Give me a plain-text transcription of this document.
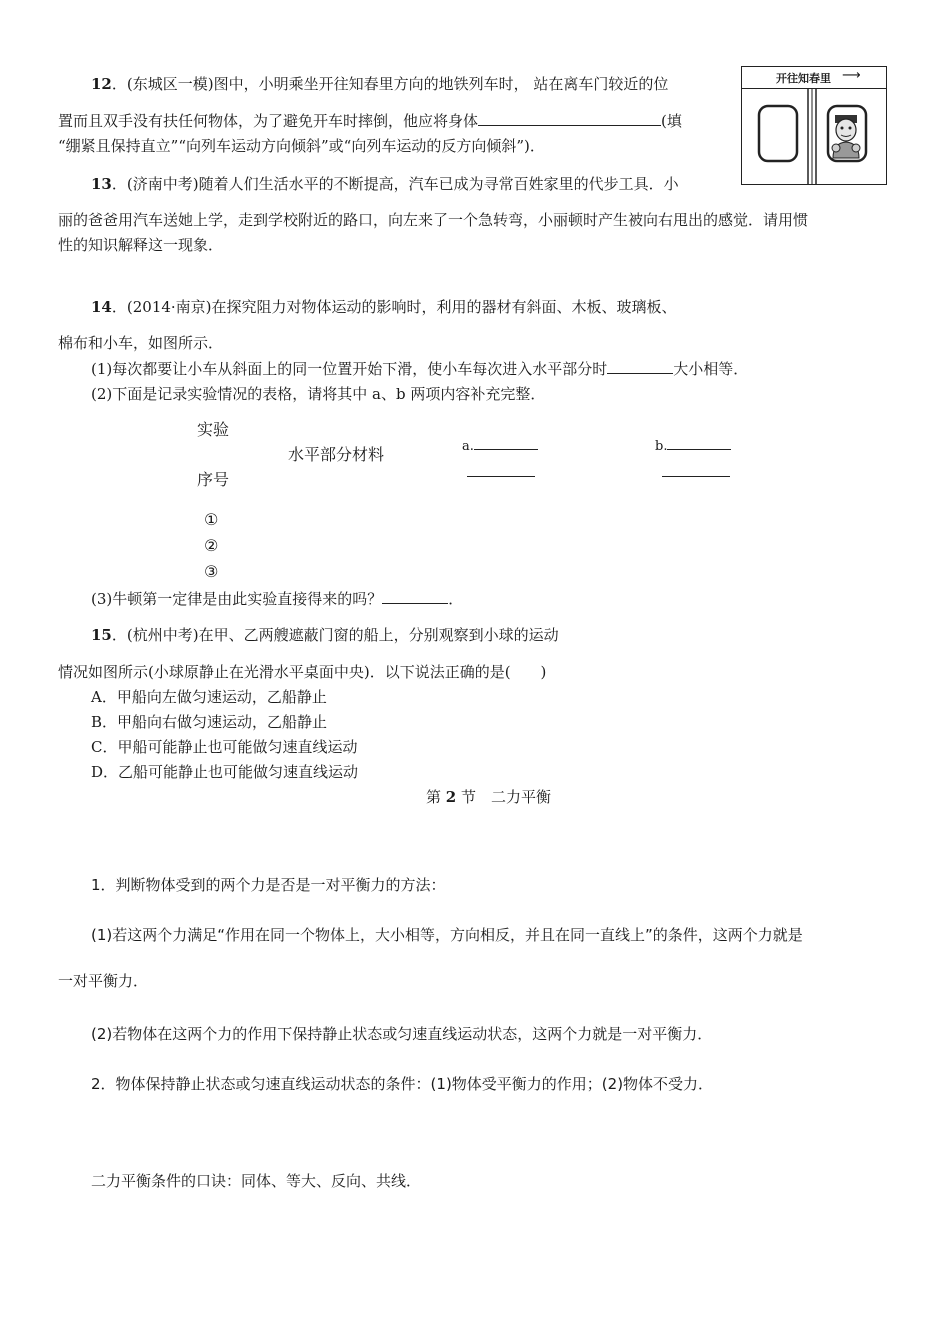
12．(东城区一模)图中，小明乘坐开往知春里方向的地铁列车时， 站在离车门较近的位
置而且双手没有扶任何物体，为了避免开车时摔倒，他应将身体	(填
“绷紧且保持直立”“向列车运动方向倾斜”或“向列车运动的反方向倾斜”)．
开往知春里 ⟶
13．(济南中考)随着人们生活水平的不断提高，汽车已成为寻常百姓家里的代步工具．小
丽的爸爸用汽车送她上学，走到学校附近的路口，向左来了一个急转弯，小丽顿时产生被向右甩出的感觉．请用惯
性的知识解释这一现象．
14．(2014·南京)在探究阻力对物体运动的影响时，利用的器材有斜面、木板、玻璃板、
棉布和小车，如图所示．
(1)每次都要让小车从斜面上的同一位置开始下滑，使小车每次进入水平部分时	大小相等．
(2)下面是记录实验情况的表格，请将其中 a、b 两项内容补充完整．
实验
序号
水平部分材料	a.	b.
①
②
③
(3)牛顿第一定律是由此实验直接得来的吗？	．
15．(杭州中考)在甲、乙两艘遮蔽门窗的船上，分别观察到小球的运动
情况如图所示(小球原静止在光滑水平桌面中央)．以下说法正确的是(　　)
A．甲船向左做匀速运动，乙船静止
B．甲船向右做匀速运动，乙船静止
C．甲船可能静止也可能做匀速直线运动
D．乙船可能静止也可能做匀速直线运动
第 2 节　二力平衡
1．判断物体受到的两个力是否是一对平衡力的方法：
(1)若这两个力满足“作用在同一个物体上，大小相等，方向相反，并且在同一直线上”的条件，这两个力就是
一对平衡力．
(2)若物体在这两个力的作用下保持静止状态或匀速直线运动状态，这两个力就是一对平衡力．
2．物体保持静止状态或匀速直线运动状态的条件：(1)物体受平衡力的作用；(2)物体不受力．
二力平衡条件的口诀：同体、等大、反向、共线．
